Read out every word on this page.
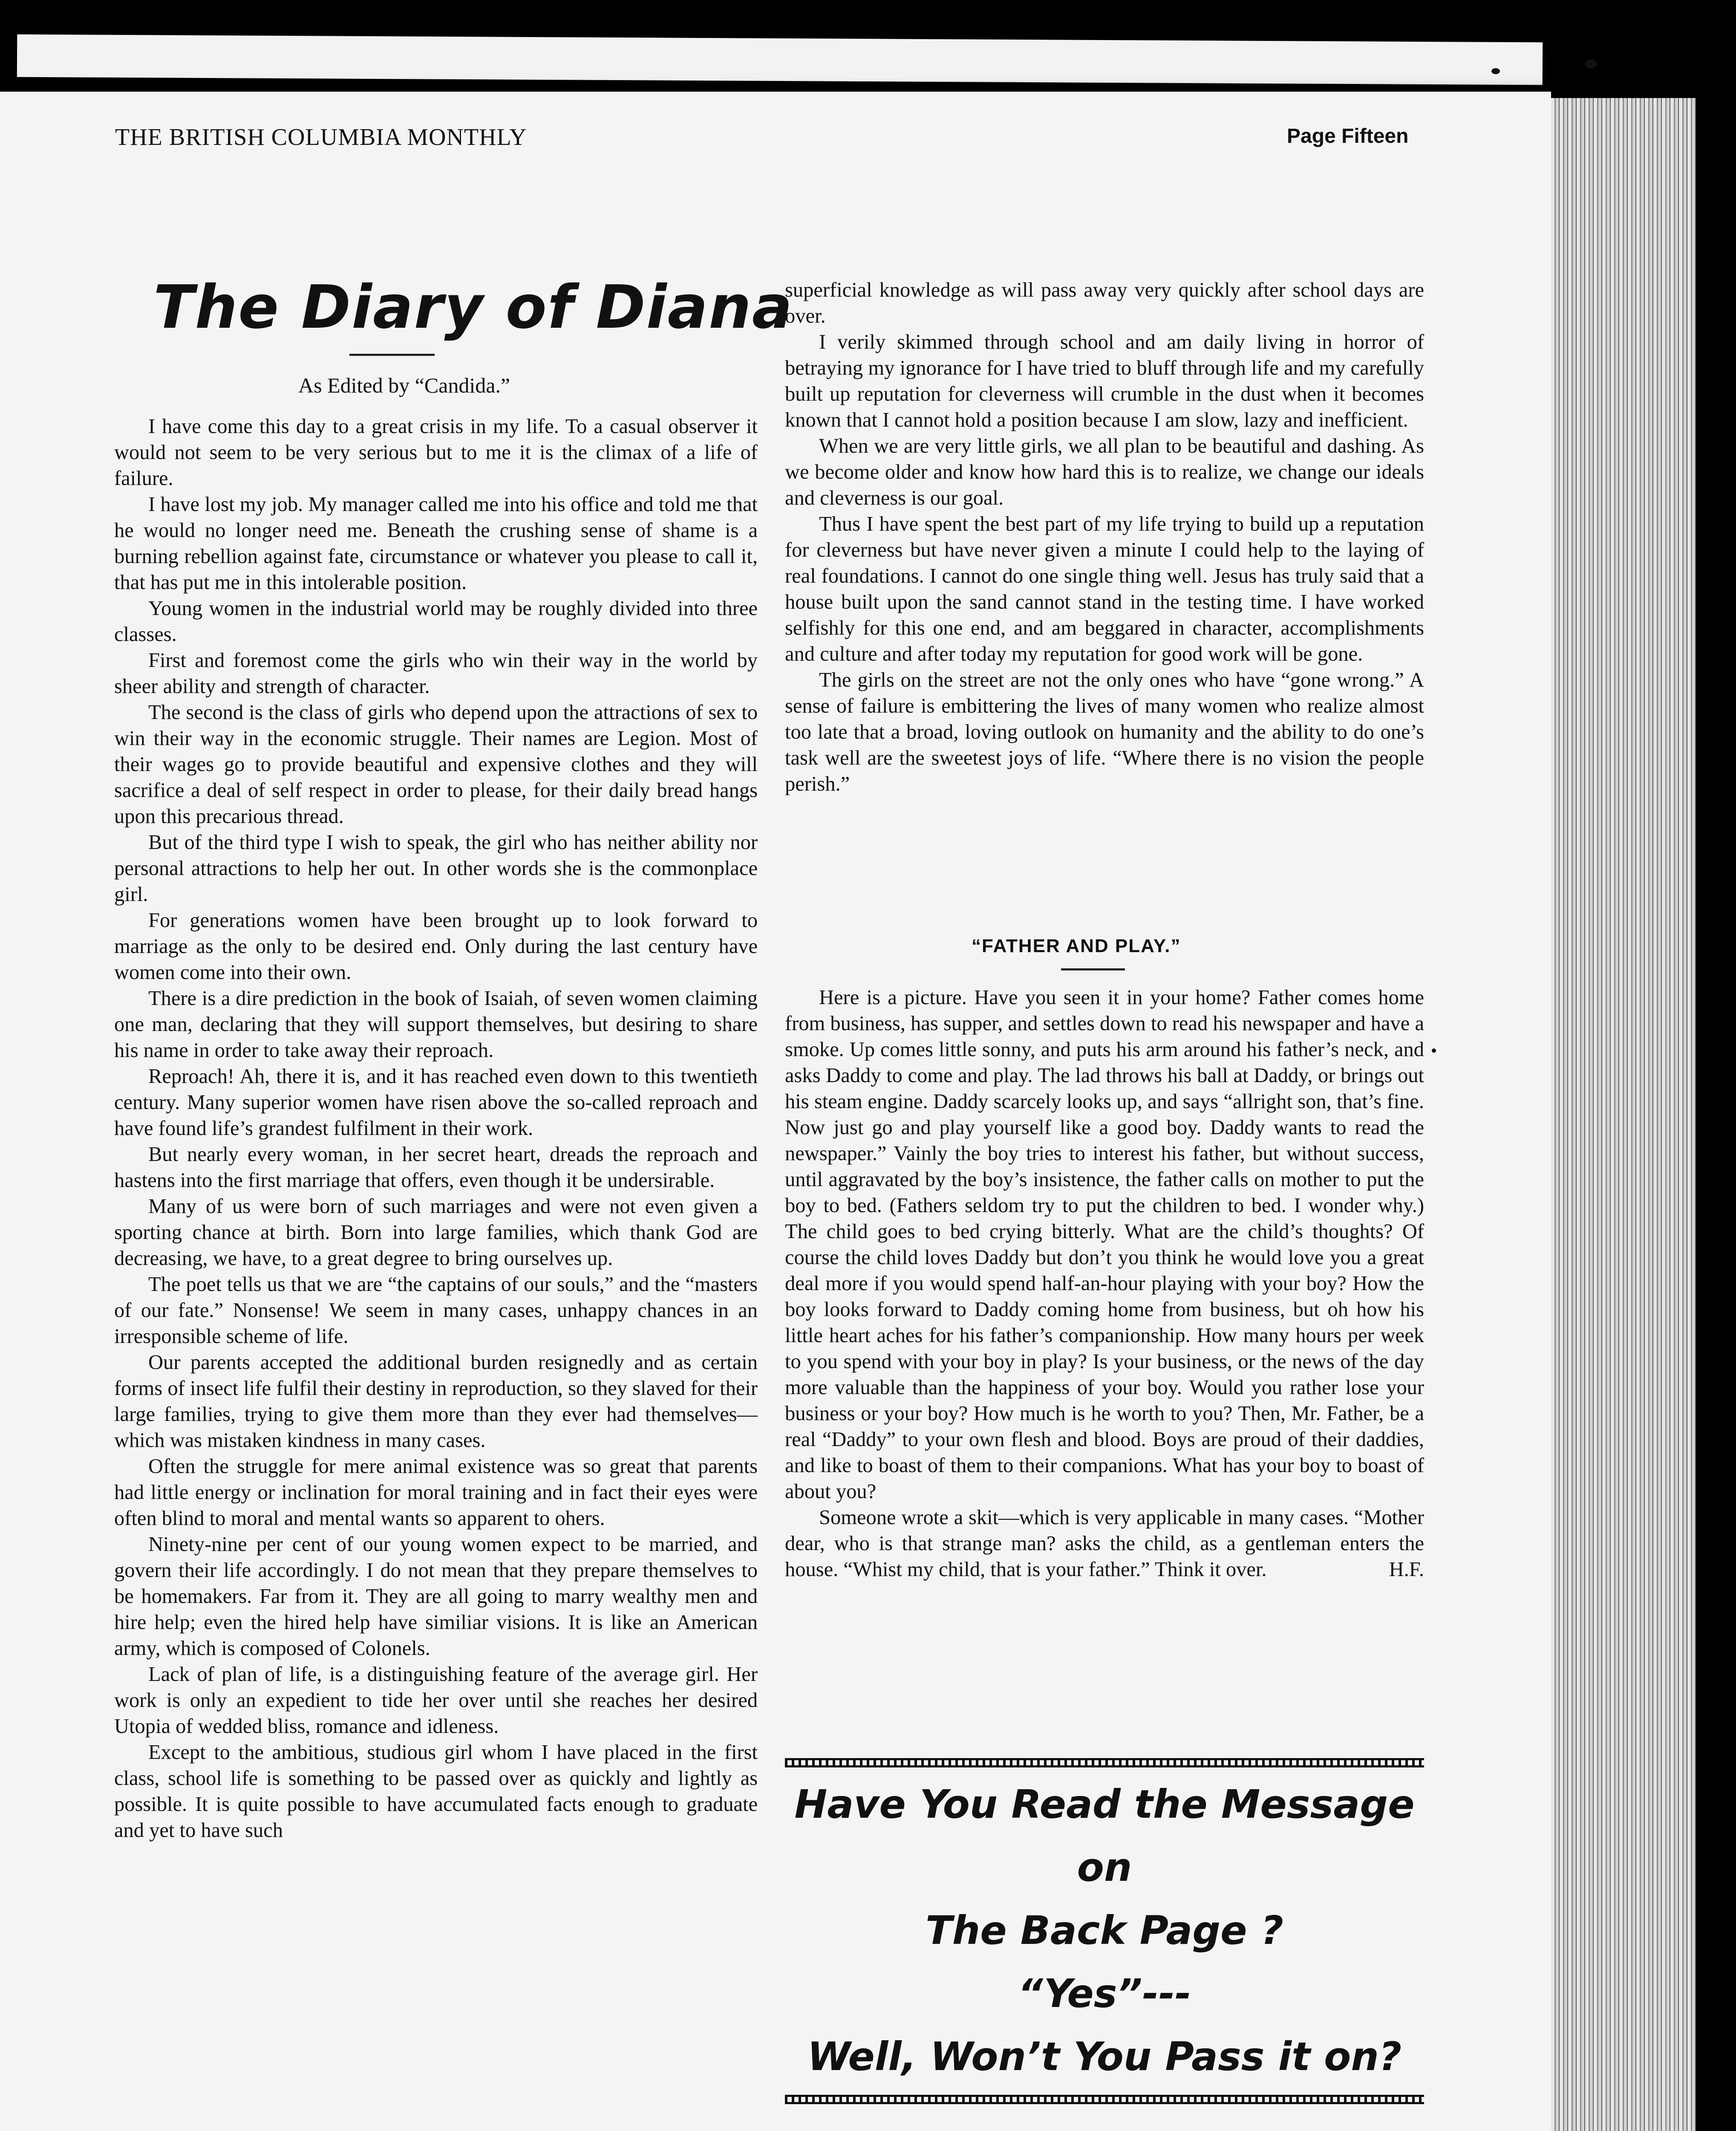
THE BRITISH COLUMBIA MONTHLY	Page Fifteen
The Diary of Diana
As Edited by “Candida.”

I have come this day to a great crisis in my life. To a casual observer it would not seem to be very serious but to me it is the climax of a life of failure.

I have lost my job. My manager called me into his office and told me that he would no longer need me. Beneath the crushing sense of shame is a burning rebellion against fate, circumstance or whatever you please to call it, that has put me in this intolerable position.

Young women in the industrial world may be roughly divided into three classes.

First and foremost come the girls who win their way in the world by sheer ability and strength of character.

The second is the class of girls who depend upon the attractions of sex to win their way in the economic struggle. Their names are Legion. Most of their wages go to provide beautiful and expensive clothes and they will sacrifice a deal of self respect in order to please, for their daily bread hangs upon this precarious thread.

But of the third type I wish to speak, the girl who has neither ability nor personal attractions to help her out. In other words she is the commonplace girl.

For generations women have been brought up to look forward to marriage as the only to be desired end. Only during the last century have women come into their own.

There is a dire prediction in the book of Isaiah, of seven women claiming one man, declaring that they will support themselves, but desiring to share his name in order to take away their reproach.

Reproach! Ah, there it is, and it has reached even down to this twentieth century. Many superior women have risen above the so-called reproach and have found life’s grandest fulfilment in their work.

But nearly every woman, in her secret heart, dreads the reproach and hastens into the first marriage that offers, even though it be undersirable.

Many of us were born of such marriages and were not even given a sporting chance at birth. Born into large families, which thank God are decreasing, we have, to a great degree to bring ourselves up.

The poet tells us that we are “the captains of our souls,” and the “masters of our fate.” Nonsense! We seem in many cases, unhappy chances in an irresponsible scheme of life.

Our parents accepted the additional burden resignedly and as certain forms of insect life fulfil their destiny in reproduction, so they slaved for their large families, trying to give them more than they ever had themselves—which was mistaken kindness in many cases.

Often the struggle for mere animal existence was so great that parents had little energy or inclination for moral training and in fact their eyes were often blind to moral and mental wants so apparent to ohers.

Ninety-nine per cent of our young women expect to be married, and govern their life accordingly. I do not mean that they prepare themselves to be homemakers. Far from it. They are all going to marry wealthy men and hire help; even the hired help have similiar visions. It is like an American army, which is composed of Colonels.

Lack of plan of life, is a distinguishing feature of the average girl. Her work is only an expedient to tide her over until she reaches her desired Utopia of wedded bliss, romance and idleness.

Except to the ambitious, studious girl whom I have placed in the first class, school life is something to be passed over as quickly and lightly as possible. It is quite possible to have accumulated facts enough to graduate and yet to have such

superficial knowledge as will pass away very quickly after school days are over.

I verily skimmed through school and am daily living in horror of betraying my ignorance for I have tried to bluff through life and my carefully built up reputation for cleverness will crumble in the dust when it becomes known that I cannot hold a position because I am slow, lazy and inefficient.

When we are very little girls, we all plan to be beautiful and dashing. As we become older and know how hard this is to realize, we change our ideals and cleverness is our goal.

Thus I have spent the best part of my life trying to build up a reputation for cleverness but have never given a minute I could help to the laying of real foundations. I cannot do one single thing well. Jesus has truly said that a house built upon the sand cannot stand in the testing time. I have worked selfishly for this one end, and am beggared in character, accomplishments and culture and after today my reputation for good work will be gone.

The girls on the street are not the only ones who have “gone wrong.” A sense of failure is embittering the lives of many women who realize almost too late that a broad, loving outlook on humanity and the ability to do one’s task well are the sweetest joys of life. “Where there is no vision the people perish.”

“FATHER AND PLAY.”

Here is a picture. Have you seen it in your home? Father comes home from business, has supper, and settles down to read his newspaper and have a smoke. Up comes little sonny, and puts his arm around his father’s neck, and asks Daddy to come and play. The lad throws his ball at Daddy, or brings out his steam engine. Daddy scarcely looks up, and says “allright son, that’s fine. Now just go and play yourself like a good boy. Daddy wants to read the newspaper.” Vainly the boy tries to interest his father, but without success, until aggravated by the boy’s insistence, the father calls on mother to put the boy to bed. (Fathers seldom try to put the children to bed. I wonder why.) The child goes to bed crying bitterly. What are the child’s thoughts? Of course the child loves Daddy but don’t you think he would love you a great deal more if you would spend half-an-hour playing with your boy? How the boy looks forward to Daddy coming home from business, but oh how his little heart aches for his father’s companionship. How many hours per week to you spend with your boy in play? Is your business, or the news of the day more valuable than the happiness of your boy. Would you rather lose your business or your boy? How much is he worth to you? Then, Mr. Father, be a real “Daddy” to your own flesh and blood. Boys are proud of their daddies, and like to boast of them to their companions. What has your boy to boast of about you?

Someone wrote a skit—which is very applicable in many cases. “Mother dear, who is that strange man? asks the child, as a gentleman enters the house. “Whist my child, that is your father.” Think it over.	H.F.

Have You Read the Message
on
The Back Page ?
“Yes”---
Well, Won’t You Pass it on?
